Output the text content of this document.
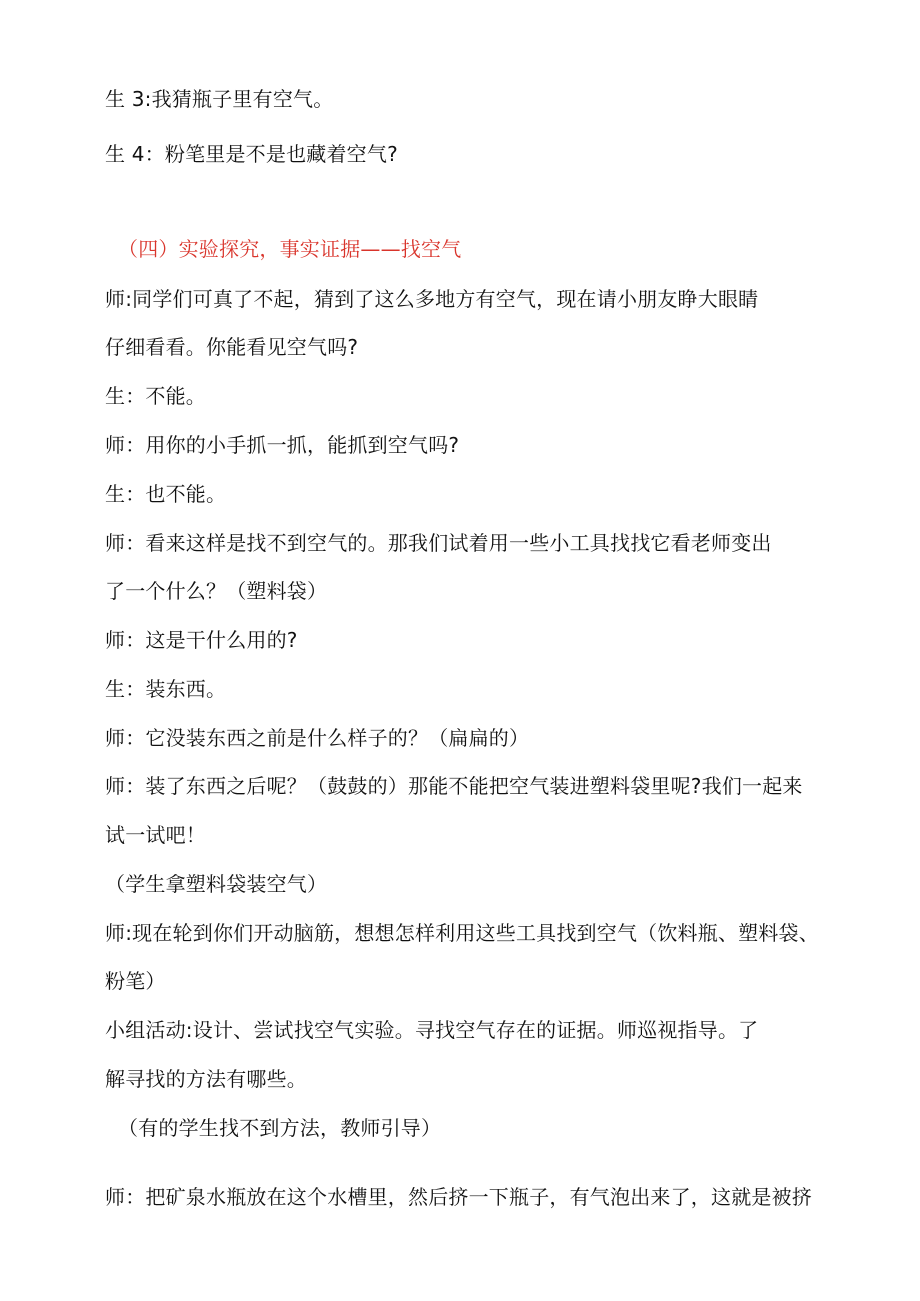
生 3:我猜瓶子里有空气。
生 4：粉笔里是不是也藏着空气?
（四）实验探究，事实证据——找空气
师:同学们可真了不起，猜到了这么多地方有空气，现在请小朋友睁大眼睛
仔细看看。你能看见空气吗?
生：不能。
师：用你的小手抓一抓，能抓到空气吗?
生：也不能。
师：看来这样是找不到空气的。那我们试着用一些小工具找找它看老师变出
了一个什么？（塑料袋）
师：这是干什么用的?
生：装东西。
师：它没装东西之前是什么样子的？（扁扁的）
师：装了东西之后呢？（鼓鼓的）那能不能把空气装进塑料袋里呢?我们一起来
试一试吧！
（学生拿塑料袋装空气）
师:现在轮到你们开动脑筋，想想怎样利用这些工具找到空气（饮料瓶、塑料袋、
粉笔）
小组活动:设计、尝试找空气实验。寻找空气存在的证据。师巡视指导。了
解寻找的方法有哪些。
（有的学生找不到方法，教师引导）
师：把矿泉水瓶放在这个水槽里，然后挤一下瓶子，有气泡出来了，这就是被挤
